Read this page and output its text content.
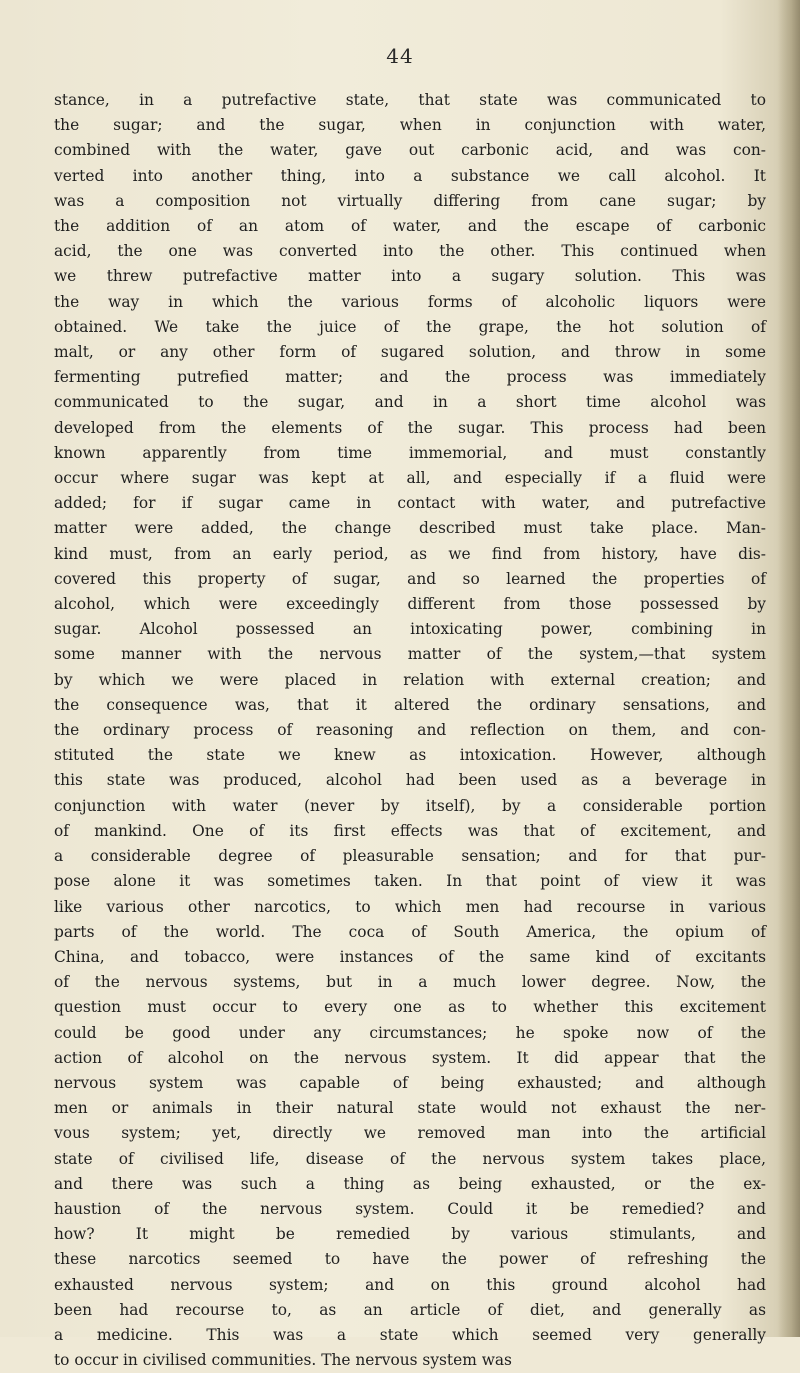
44
stance, in a putrefactive state, that state was communicated to
the sugar; and the sugar, when in conjunction with water,
combined with the water, gave out carbonic acid, and was con-
verted into another thing, into a substance we call alcohol. It
was a composition not virtually differing from cane sugar; by
the addition of an atom of water, and the escape of carbonic
acid, the one was converted into the other. This continued when
we threw putrefactive matter into a sugary solution. This was
the way in which the various forms of alcoholic liquors were
obtained. We take the juice of the grape, the hot solution of
malt, or any other form of sugared solution, and throw in some
fermenting putrefied matter; and the process was immediately
communicated to the sugar, and in a short time alcohol was
developed from the elements of the sugar. This process had been
known apparently from time immemorial, and must constantly
occur where sugar was kept at all, and especially if a fluid were
added; for if sugar came in contact with water, and putrefactive
matter were added, the change described must take place. Man-
kind must, from an early period, as we find from history, have dis-
covered this property of sugar, and so learned the properties of
alcohol, which were exceedingly different from those possessed by
sugar. Alcohol possessed an intoxicating power, combining in
some manner with the nervous matter of the system,—that system
by which we were placed in relation with external creation; and
the consequence was, that it altered the ordinary sensations, and
the ordinary process of reasoning and reflection on them, and con-
stituted the state we knew as intoxication. However, although
this state was produced, alcohol had been used as a beverage in
conjunction with water (never by itself), by a considerable portion
of mankind. One of its first effects was that of excitement, and
a considerable degree of pleasurable sensation; and for that pur-
pose alone it was sometimes taken. In that point of view it was
like various other narcotics, to which men had recourse in various
parts of the world. The coca of South America, the opium of
China, and tobacco, were instances of the same kind of excitants
of the nervous systems, but in a much lower degree. Now, the
question must occur to every one as to whether this excitement
could be good under any circumstances; he spoke now of the
action of alcohol on the nervous system. It did appear that the
nervous system was capable of being exhausted; and although
men or animals in their natural state would not exhaust the ner-
vous system; yet, directly we removed man into the artificial
state of civilised life, disease of the nervous system takes place,
and there was such a thing as being exhausted, or the ex-
haustion of the nervous system. Could it be remedied? and
how? It might be remedied by various stimulants, and
these narcotics seemed to have the power of refreshing the
exhausted nervous system; and on this ground alcohol had
been had recourse to, as an article of diet, and generally as
a medicine. This was a state which seemed very generally
to occur in civilised communities. The nervous system was
